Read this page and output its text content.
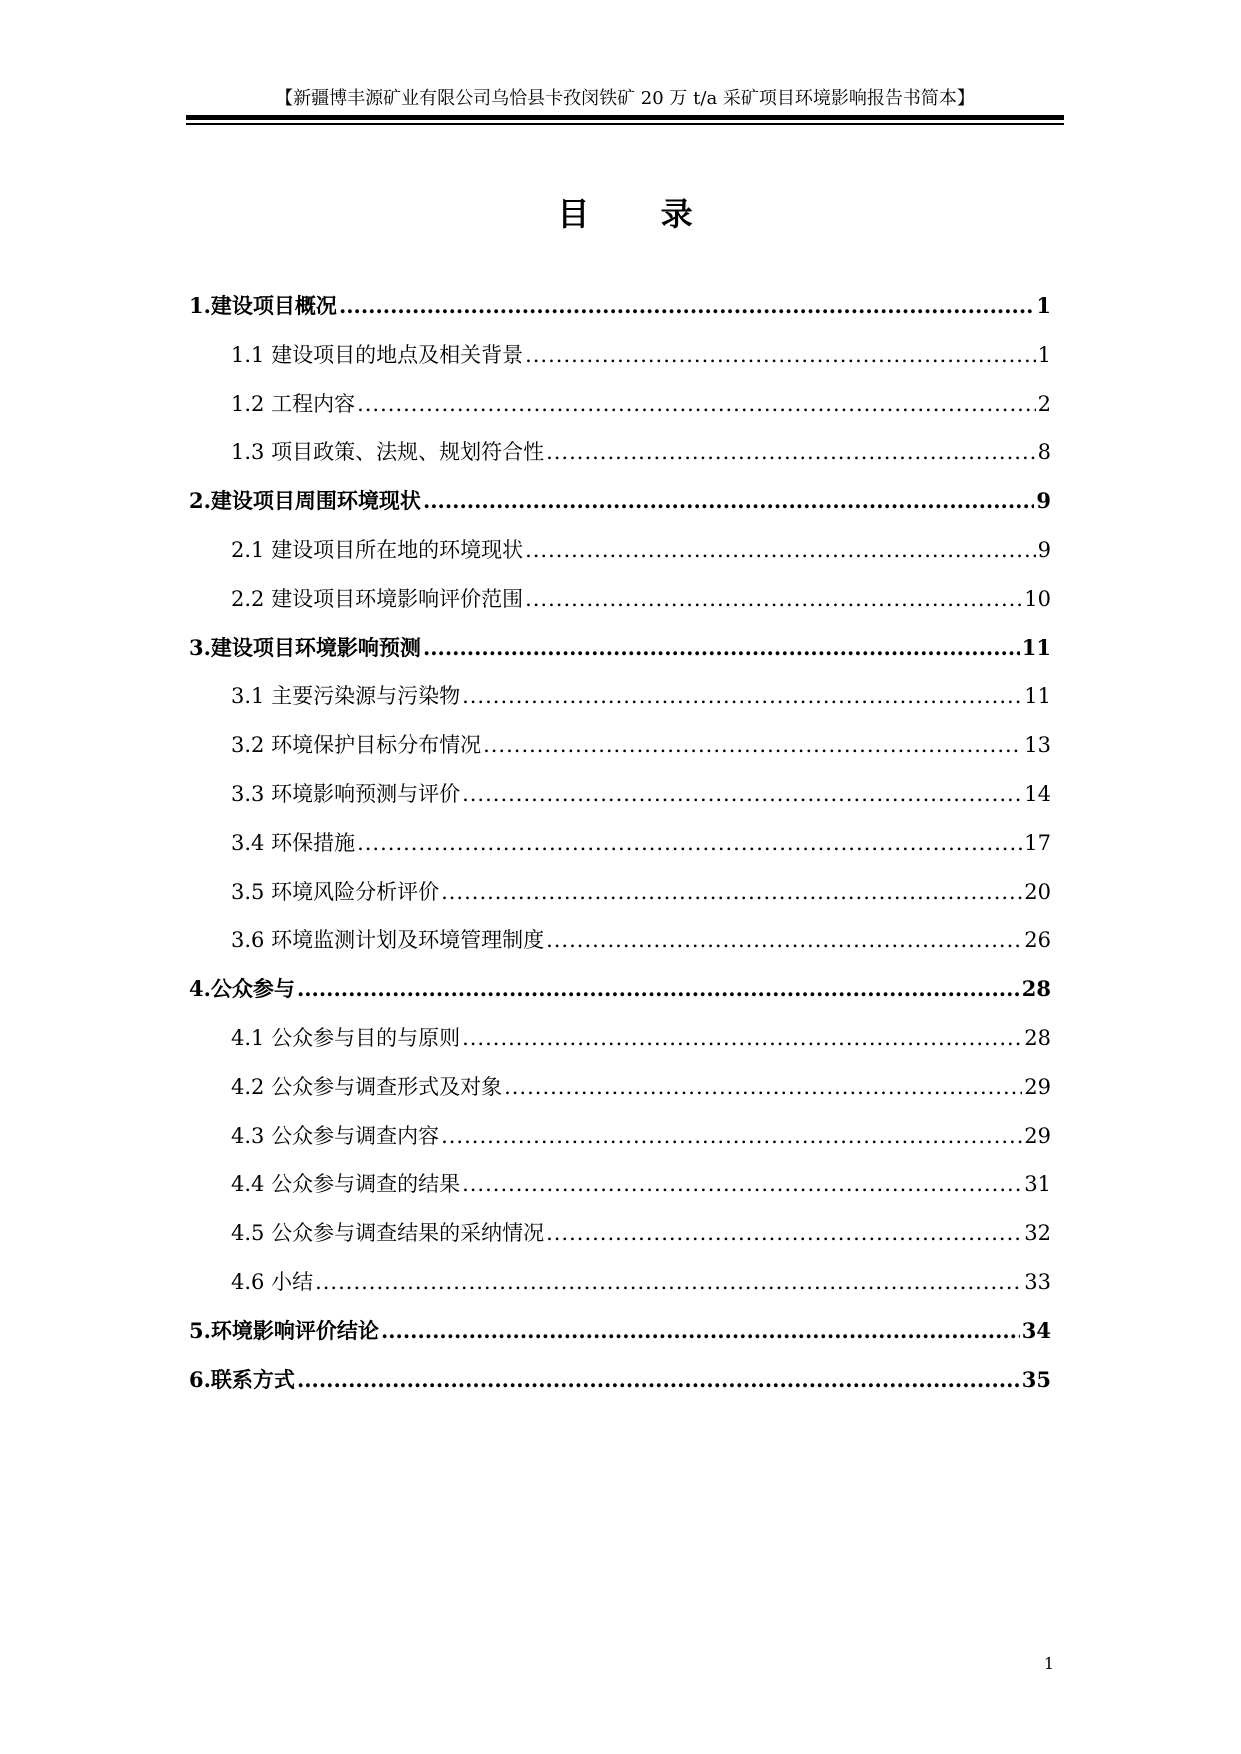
【新疆博丰源矿业有限公司乌恰县卡孜闵铁矿 20 万 t/a 采矿项目环境影响报告书简本】
目 录
1.建设项目概况 .....	1
1.1 建设项目的地点及相关背景 .....	1
1.2 工程内容 .....	2
1.3 项目政策、法规、规划符合性 .....	8
2.建设项目周围环境现状 .....	9
2.1 建设项目所在地的环境现状 .....	9
2.2 建设项目环境影响评价范围 .....	10
3.建设项目环境影响预测 .....	11
3.1 主要污染源与污染物 .....	11
3.2 环境保护目标分布情况 .....	13
3.3 环境影响预测与评价 .....	14
3.4 环保措施 .....	17
3.5 环境风险分析评价 .....	20
3.6 环境监测计划及环境管理制度 .....	26
4.公众参与 .....	28
4.1 公众参与目的与原则 .....	28
4.2 公众参与调查形式及对象 .....	29
4.3 公众参与调查内容 .....	29
4.4 公众参与调查的结果 .....	31
4.5 公众参与调查结果的采纳情况 .....	32
4.6 小结 .....	33
5.环境影响评价结论 .....	34
6.联系方式 .....	35
1
